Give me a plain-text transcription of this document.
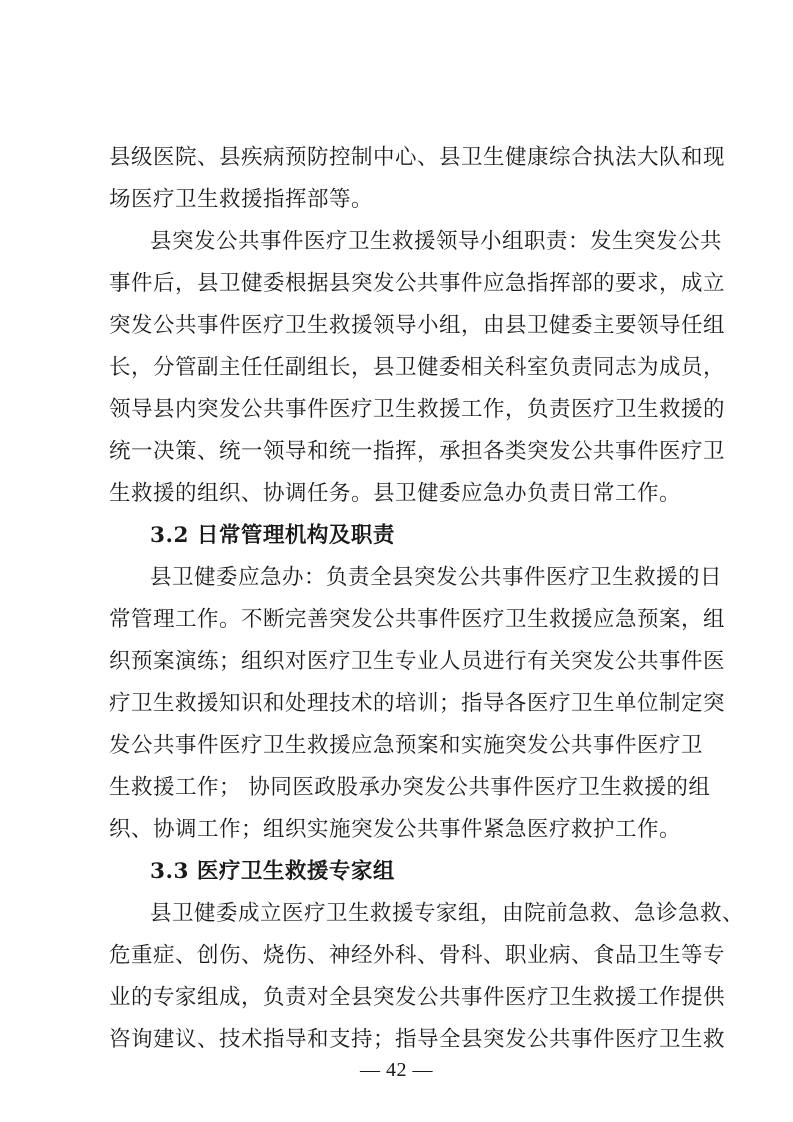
县级医院、县疾病预防控制中心、县卫生健康综合执法大队和现
场医疗卫生救援指挥部等。
县突发公共事件医疗卫生救援领导小组职责：发生突发公共
事件后，县卫健委根据县突发公共事件应急指挥部的要求，成立
突发公共事件医疗卫生救援领导小组，由县卫健委主要领导任组
长，分管副主任任副组长，县卫健委相关科室负责同志为成员，
领导县内突发公共事件医疗卫生救援工作，负责医疗卫生救援的
统一决策、统一领导和统一指挥，承担各类突发公共事件医疗卫
生救援的组织、协调任务。县卫健委应急办负责日常工作。
3.2 日常管理机构及职责
县卫健委应急办：负责全县突发公共事件医疗卫生救援的日
常管理工作。不断完善突发公共事件医疗卫生救援应急预案，组
织预案演练；组织对医疗卫生专业人员进行有关突发公共事件医
疗卫生救援知识和处理技术的培训；指导各医疗卫生单位制定突
发公共事件医疗卫生救援应急预案和实施突发公共事件医疗卫
生救援工作； 协同医政股承办突发公共事件医疗卫生救援的组
织、协调工作；组织实施突发公共事件紧急医疗救护工作。
3.3 医疗卫生救援专家组
县卫健委成立医疗卫生救援专家组，由院前急救、急诊急救、
危重症、创伤、烧伤、神经外科、骨科、职业病、食品卫生等专
业的专家组成，负责对全县突发公共事件医疗卫生救援工作提供
咨询建议、技术指导和支持；指导全县突发公共事件医疗卫生救
— 42 —
